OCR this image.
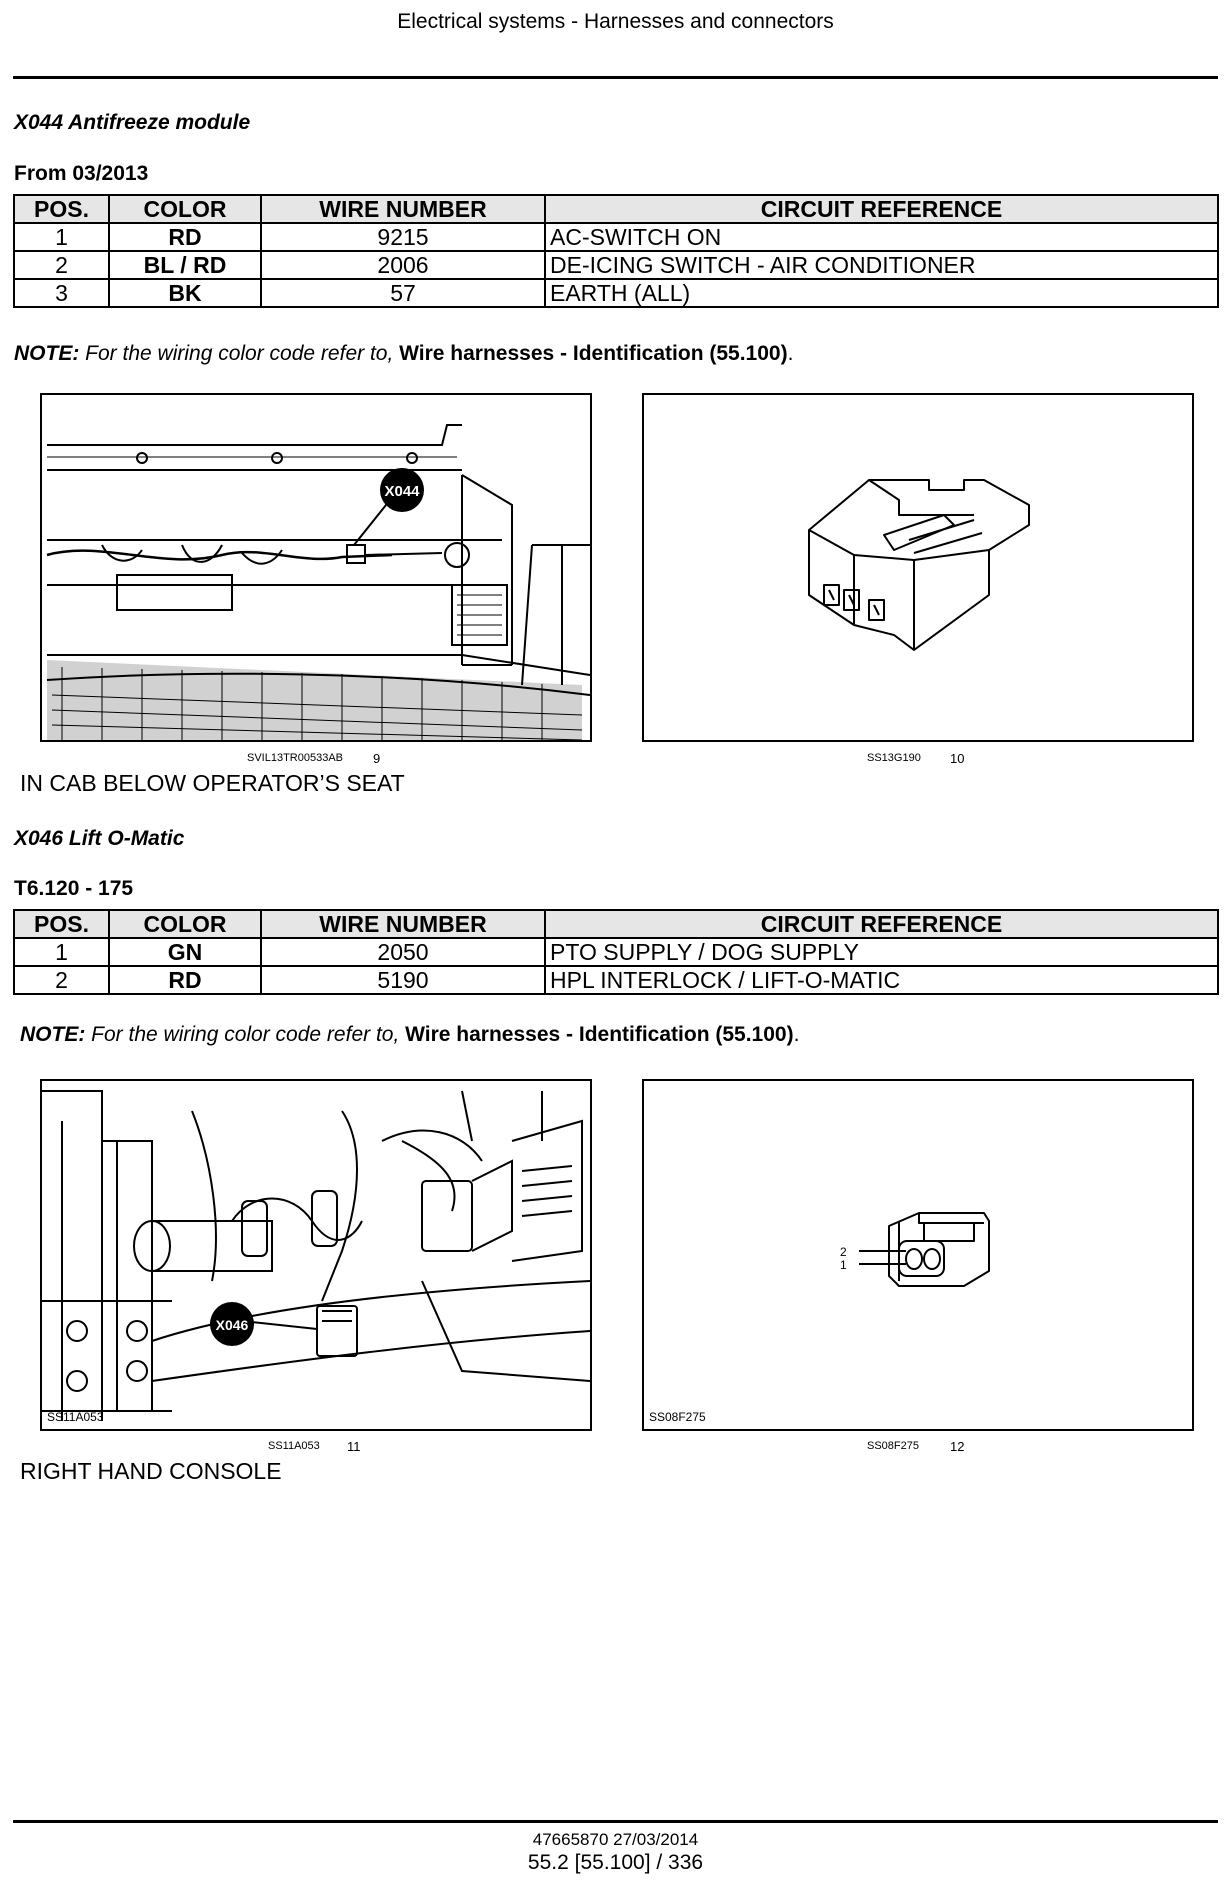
Electrical systems - Harnesses and connectors
X044 Antifreeze module
From 03/2013
POS.	COLOR	WIRE NUMBER	CIRCUIT REFERENCE
1	RD	9215	AC-SWITCH ON
2	BL / RD	2006	DE-ICING SWITCH - AIR CONDITIONER
3	BK	57	EARTH (ALL)
NOTE: For the wiring color code refer to, Wire harnesses - Identification (55.100).
X044
SVIL13TR00533AB 9	SS13G190 10
IN CAB BELOW OPERATOR’S SEAT
X046 Lift O-Matic
T6.120 - 175
POS.	COLOR	WIRE NUMBER	CIRCUIT REFERENCE
1	GN	2050	PTO SUPPLY / DOG SUPPLY
2	RD	5190	HPL INTERLOCK / LIFT-O-MATIC
NOTE: For the wiring color code refer to, Wire harnesses - Identification (55.100).
X046
SS11A053
SS11A053 11
2
1
SS08F275
SS08F275 12
RIGHT HAND CONSOLE
47665870 27/03/2014
55.2 [55.100] / 336
